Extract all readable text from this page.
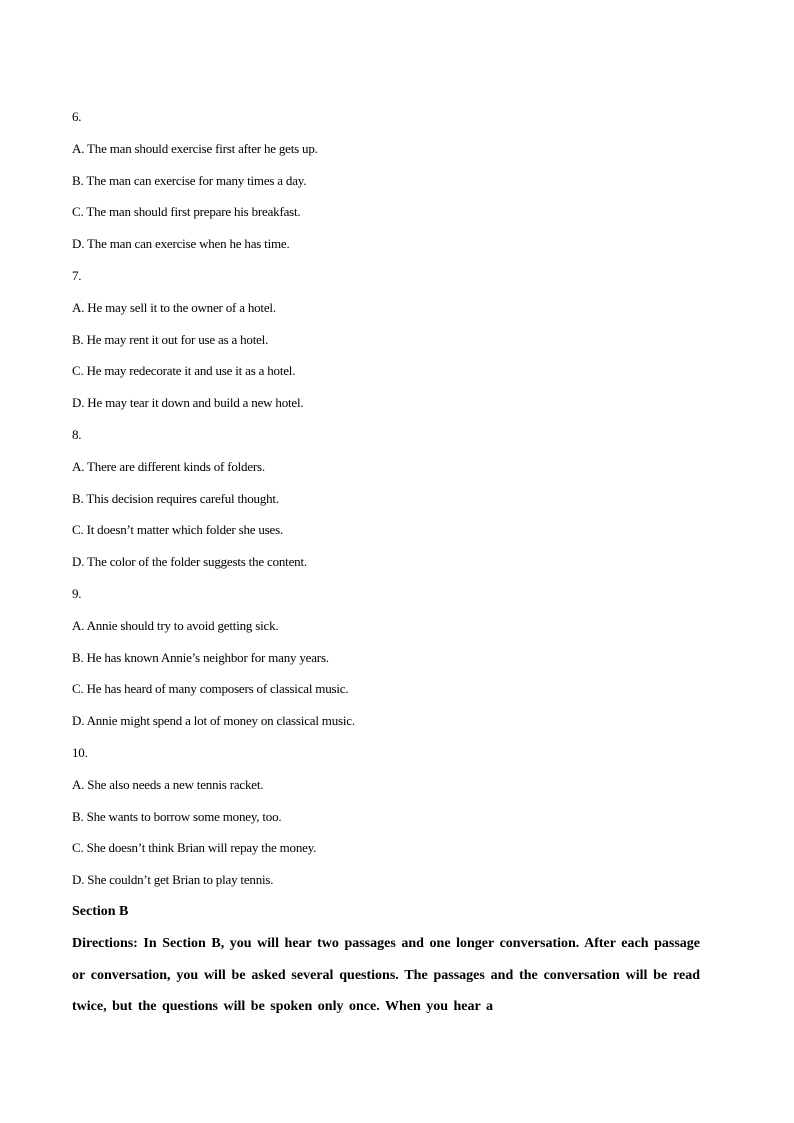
6.
A. The man should exercise first after he gets up.
B. The man can exercise for many times a day.
C. The man should first prepare his breakfast.
D. The man can exercise when he has time.
7.
A. He may sell it to the owner of a hotel.
B. He may rent it out for use as a hotel.
C. He may redecorate it and use it as a hotel.
D. He may tear it down and build a new hotel.
8.
A. There are different kinds of folders.
B. This decision requires careful thought.
C. It doesn’t matter which folder she uses.
D. The color of the folder suggests the content.
9.
A. Annie should try to avoid getting sick.
B. He has known Annie’s neighbor for many years.
C. He has heard of many composers of classical music.
D. Annie might spend a lot of money on classical music.
10.
A. She also needs a new tennis racket.
B. She wants to borrow some money, too.
C. She doesn’t think Brian will repay the money.
D. She couldn’t get Brian to play tennis.
Section B
Directions: In Section B, you will hear two passages and one longer conversation. After each passage or conversation, you will be asked several questions. The passages and the conversation will be read twice, but the questions will be spoken only once. When you hear a
